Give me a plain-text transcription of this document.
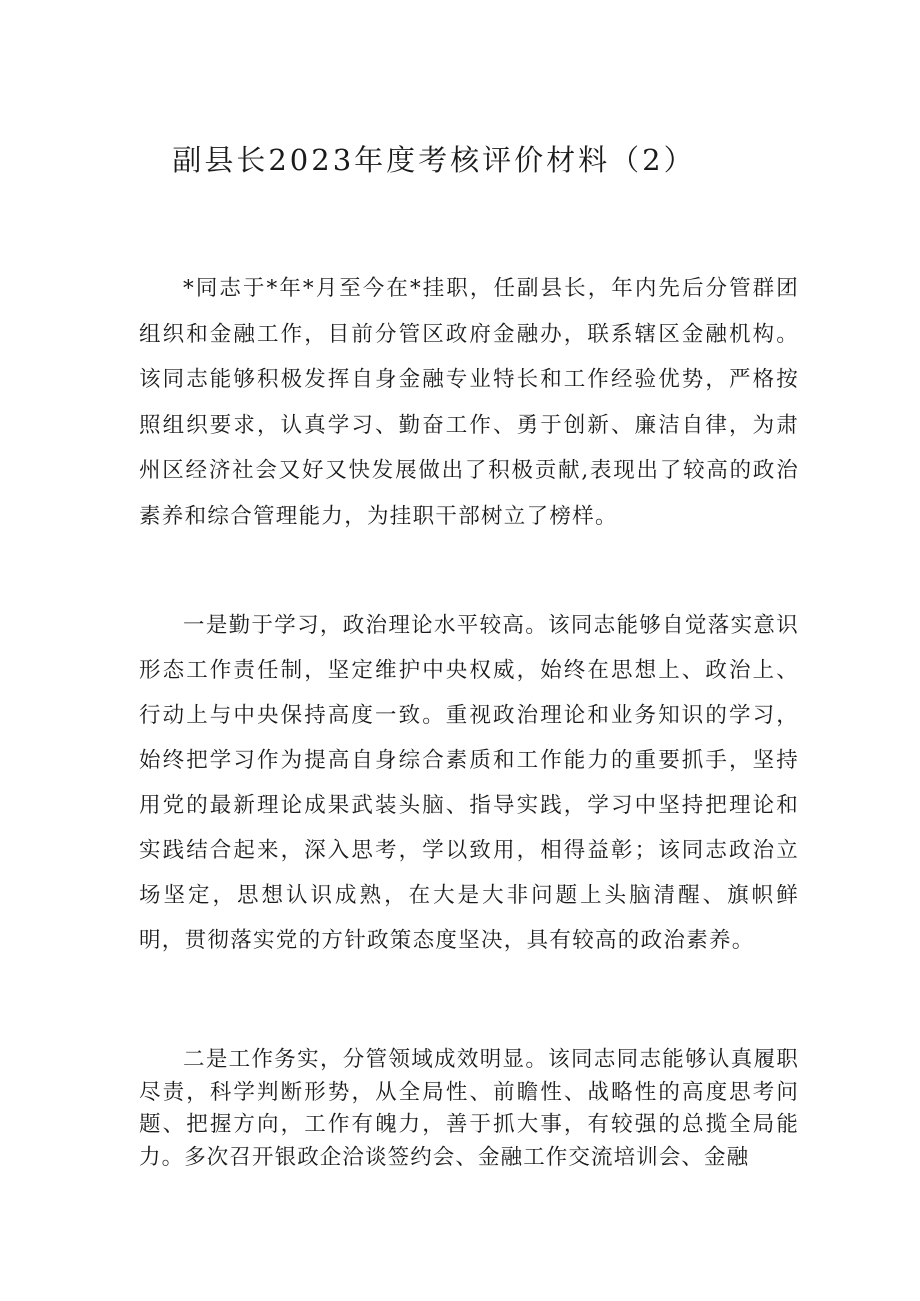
副县长2023年度考核评价材料（2）

*同志于*年*月至今在*挂职，任副县长，年内先后分管群团组织和金融工作，目前分管区政府金融办，联系辖区金融机构。该同志能够积极发挥自身金融专业特长和工作经验优势，严格按照组织要求，认真学习、勤奋工作、勇于创新、廉洁自律，为肃州区经济社会又好又快发展做出了积极贡献,表现出了较高的政治素养和综合管理能力，为挂职干部树立了榜样。

一是勤于学习，政治理论水平较高。该同志能够自觉落实意识形态工作责任制，坚定维护中央权威，始终在思想上、政治上、行动上与中央保持高度一致。重视政治理论和业务知识的学习，始终把学习作为提高自身综合素质和工作能力的重要抓手，坚持用党的最新理论成果武装头脑、指导实践，学习中坚持把理论和实践结合起来，深入思考，学以致用，相得益彰；该同志政治立场坚定，思想认识成熟，在大是大非问题上头脑清醒、旗帜鲜明，贯彻落实党的方针政策态度坚决，具有较高的政治素养。

二是工作务实，分管领域成效明显。该同志同志能够认真履职尽责，科学判断形势，从全局性、前瞻性、战略性的高度思考问题、把握方向，工作有魄力，善于抓大事，有较强的总揽全局能力。多次召开银政企洽谈签约会、金融工作交流培训会、金融
